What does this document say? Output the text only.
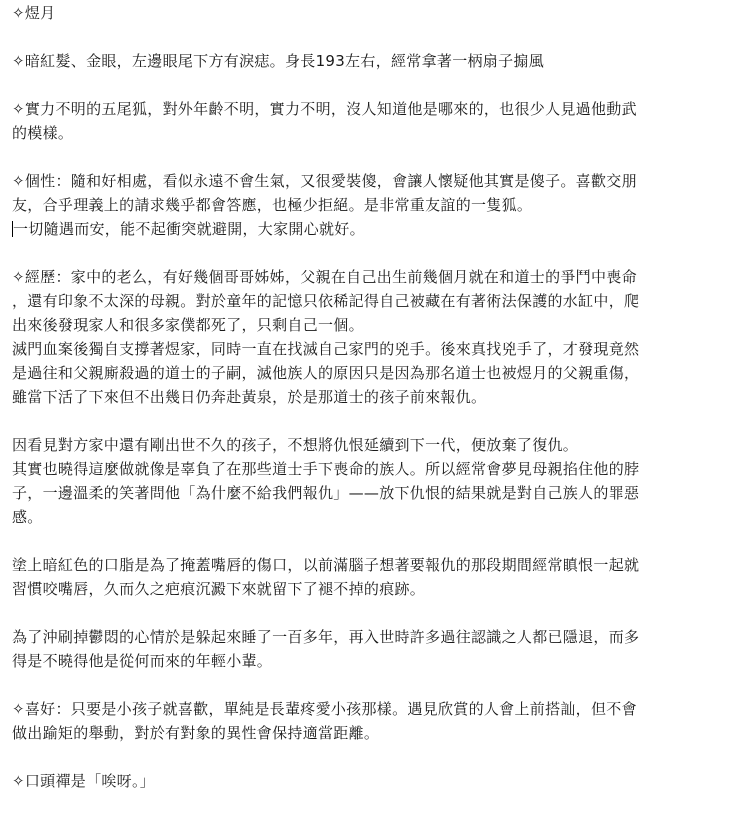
✧煜月
✧暗紅髮、金眼，左邊眼尾下方有淚痣。身長193左右，經常拿著一柄扇子搧風
✧實力不明的五尾狐，對外年齡不明，實力不明，沒人知道他是哪來的，也很少人見過他動武
的模樣。
✧個性：隨和好相處，看似永遠不會生氣，又很愛裝傻，會讓人懷疑他其實是傻子。喜歡交朋
友，合乎理義上的請求幾乎都會答應，也極少拒絕。是非常重友誼的一隻狐。
一切隨遇而安，能不起衝突就避開，大家開心就好。
✧經歷：家中的老么，有好幾個哥哥姊姊，父親在自己出生前幾個月就在和道士的爭鬥中喪命
，還有印象不太深的母親。對於童年的記憶只依稀記得自己被藏在有著術法保護的水缸中，爬
出來後發現家人和很多家僕都死了，只剩自己一個。
滅門血案後獨自支撐著煜家，同時一直在找滅自己家門的兇手。後來真找兇手了，才發現竟然
是過往和父親廝殺過的道士的子嗣，滅他族人的原因只是因為那名道士也被煜月的父親重傷，
雖當下活了下來但不出幾日仍奔赴黃泉，於是那道士的孩子前來報仇。
因看見對方家中還有剛出世不久的孩子，不想將仇恨延續到下一代，便放棄了復仇。
其實也曉得這麼做就像是辜負了在那些道士手下喪命的族人。所以經常會夢見母親掐住他的脖
子，一邊溫柔的笑著問他「為什麼不給我們報仇」——放下仇恨的結果就是對自己族人的罪惡
感。
塗上暗紅色的口脂是為了掩蓋嘴唇的傷口，以前滿腦子想著要報仇的那段期間經常瞋恨一起就
習慣咬嘴唇，久而久之疤痕沉澱下來就留下了褪不掉的痕跡。
為了沖刷掉鬱悶的心情於是躲起來睡了一百多年，再入世時許多過往認識之人都已隱退，而多
得是不曉得他是從何而來的年輕小輩。
✧喜好：只要是小孩子就喜歡，單純是長輩疼愛小孩那樣。遇見欣賞的人會上前搭訕，但不會
做出踰矩的舉動，對於有對象的異性會保持適當距離。
✧口頭禪是「唉呀。」
